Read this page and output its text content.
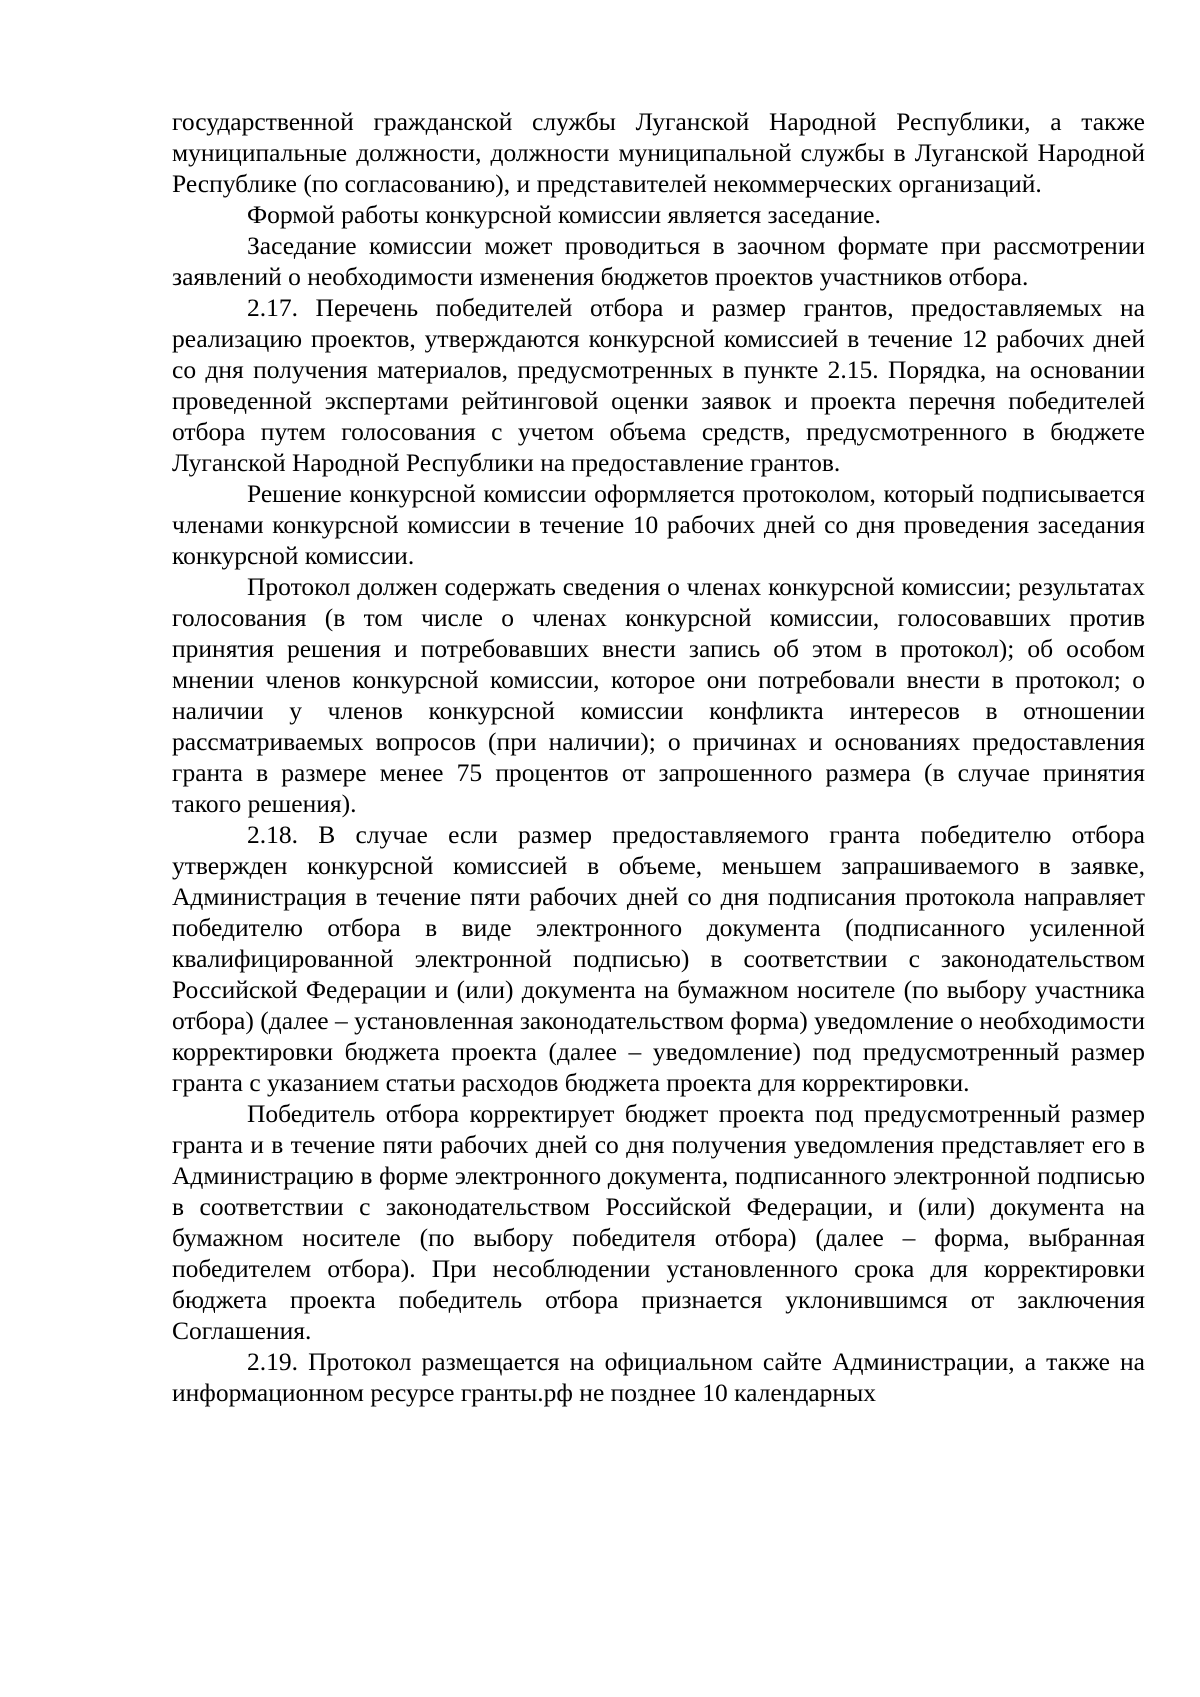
государственной гражданской службы Луганской Народной Республики, а также муниципальные должности, должности муниципальной службы в Луганской Народной Республике (по согласованию), и представителей некоммерческих организаций.

Формой работы конкурсной комиссии является заседание.

Заседание комиссии может проводиться в заочном формате при рассмотрении заявлений о необходимости изменения бюджетов проектов участников отбора.

2.17. Перечень победителей отбора и размер грантов, предоставляемых на реализацию проектов, утверждаются конкурсной комиссией в течение 12 рабочих дней со дня получения материалов, предусмотренных в пункте 2.15. Порядка, на основании проведенной экспертами рейтинговой оценки заявок и проекта перечня победителей отбора путем голосования с учетом объема средств, предусмотренного в бюджете Луганской Народной Республики на предоставление грантов.

Решение конкурсной комиссии оформляется протоколом, который подписывается членами конкурсной комиссии в течение 10 рабочих дней со дня проведения заседания конкурсной комиссии.

Протокол должен содержать сведения о членах конкурсной комиссии; результатах голосования (в том числе о членах конкурсной комиссии, голосовавших против принятия решения и потребовавших внести запись об этом в протокол); об особом мнении членов конкурсной комиссии, которое они потребовали внести в протокол; о наличии у членов конкурсной комиссии конфликта интересов в отношении рассматриваемых вопросов (при наличии); о причинах и основаниях предоставления гранта в размере менее 75 процентов от запрошенного размера (в случае принятия такого решения).

2.18. В случае если размер предоставляемого гранта победителю отбора утвержден конкурсной комиссией в объеме, меньшем запрашиваемого в заявке, Администрация в течение пяти рабочих дней со дня подписания протокола направляет победителю отбора в виде электронного документа (подписанного усиленной квалифицированной электронной подписью) в соответствии с законодательством Российской Федерации и (или) документа на бумажном носителе (по выбору участника отбора) (далее – установленная законодательством форма) уведомление о необходимости корректировки бюджета проекта (далее – уведомление) под предусмотренный размер гранта с указанием статьи расходов бюджета проекта для корректировки.

Победитель отбора корректирует бюджет проекта под предусмотренный размер гранта и в течение пяти рабочих дней со дня получения уведомления представляет его в Администрацию в форме электронного документа, подписанного электронной подписью в соответствии с законодательством Российской Федерации, и (или) документа на бумажном носителе (по выбору победителя отбора) (далее – форма, выбранная победителем отбора). При несоблюдении установленного срока для корректировки бюджета проекта победитель отбора признается уклонившимся от заключения Соглашения.

2.19. Протокол размещается на официальном сайте Администрации, а также на информационном ресурсе гранты.рф не позднее 10 календарных
